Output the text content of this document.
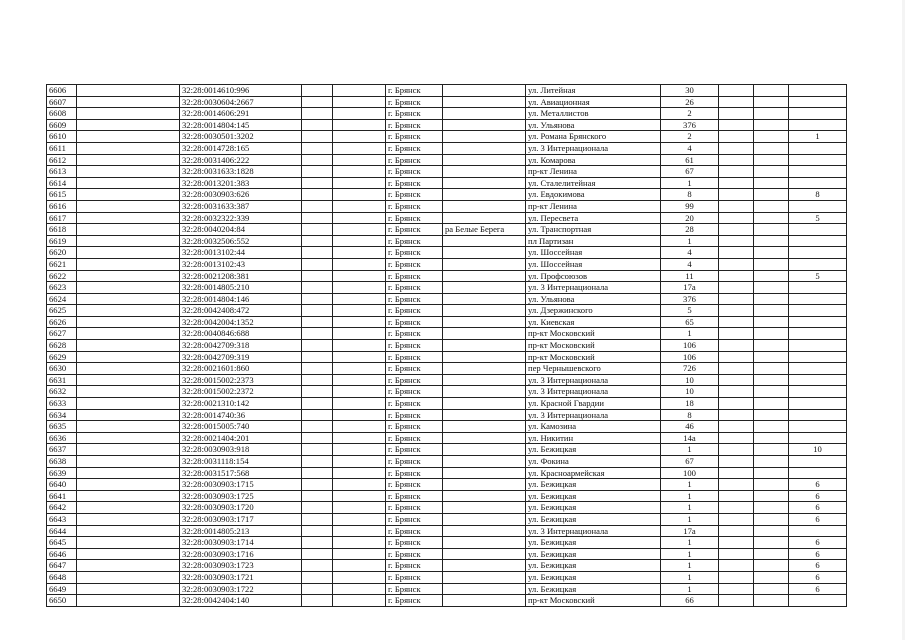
6606		32:28:0014610:996			г. Брянск		ул. Литейная	30			
6607		32:28:0030604:2667			г. Брянск		ул. Авиационная	26			
6608		32:28:0014606:291			г. Брянск		ул. Металлистов	2			
6609		32:28:0014804:145			г. Брянск		ул. Ульянова	376			
6610		32:28:0030501:3202			г. Брянск		ул. Романа Брянского	2			1
6611		32:28:0014728:165			г. Брянск		ул. 3 Интернационала	4			
6612		32:28:0031406:222			г. Брянск		ул. Комарова	61			
6613		32:28:0031633:1828			г. Брянск		пр-кт Ленина	67			
6614		32:28:0013201:383			г. Брянск		ул. Сталелитейная	1			
6615		32:28:0030903:626			г. Брянск		ул. Евдокимова	8			8
6616		32:28:0031633:387			г. Брянск		пр-кт Ленина	99			
6617		32:28:0032322:339			г. Брянск		ул. Пересвета	20			5
6618		32:28:0040204:84			г. Брянск	ра Белые Берега	ул. Транспортная	28			
6619		32:28:0032506:552			г. Брянск		пл Партизан	1			
6620		32:28:0013102:44			г. Брянск		ул. Шоссейная	4			
6621		32:28:0013102:43			г. Брянск		ул. Шоссейная	4			
6622		32:28:0021208:381			г. Брянск		ул. Профсоюзов	11			5
6623		32:28:0014805:210			г. Брянск		ул. 3 Интернационала	17а			
6624		32:28:0014804:146			г. Брянск		ул. Ульянова	376			
6625		32:28:0042408:472			г. Брянск		ул. Дзержинского	5			
6626		32:28:0042004:1352			г. Брянск		ул. Киевская	65			
6627		32:28:0040846:688			г. Брянск		пр-кт Московский	1			
6628		32:28:0042709:318			г. Брянск		пр-кт Московский	106			
6629		32:28:0042709:319			г. Брянск		пр-кт Московский	106			
6630		32:28:0021601:860			г. Брянск		пер Чернышевского	726			
6631		32:28:0015002:2373			г. Брянск		ул. 3 Интернационала	10			
6632		32:28:0015002:2372			г. Брянск		ул. 3 Интернационала	10			
6633		32:28:0021310:142			г. Брянск		ул. Красной Гвардии	18			
6634		32:28:0014740:36			г. Брянск		ул. 3 Интернационала	8			
6635		32:28:0015005:740			г. Брянск		ул. Камозина	46			
6636		32:28:0021404:201			г. Брянск		ул. Никитин	14а			
6637		32:28:0030903:918			г. Брянск		ул. Бежицкая	1			10
6638		32:28:0031118:154			г. Брянск		ул. Фокина	67			
6639		32:28:0031517:568			г. Брянск		ул. Красноармейская	100			
6640		32:28:0030903:1715			г. Брянск		ул. Бежицкая	1			6
6641		32:28:0030903:1725			г. Брянск		ул. Бежицкая	1			6
6642		32:28:0030903:1720			г. Брянск		ул. Бежицкая	1			6
6643		32:28:0030903:1717			г. Брянск		ул. Бежицкая	1			6
6644		32:28:0014805:213			г. Брянск		ул. 3 Интернационала	17а			
6645		32:28:0030903:1714			г. Брянск		ул. Бежицкая	1			6
6646		32:28:0030903:1716			г. Брянск		ул. Бежицкая	1			6
6647		32:28:0030903:1723			г. Брянск		ул. Бежицкая	1			6
6648		32:28:0030903:1721			г. Брянск		ул. Бежицкая	1			6
6649		32:28:0030903:1722			г. Брянск		ул. Бежицкая	1			6
6650		32:28:0042404:140			г. Брянск		пр-кт Московский	66			
